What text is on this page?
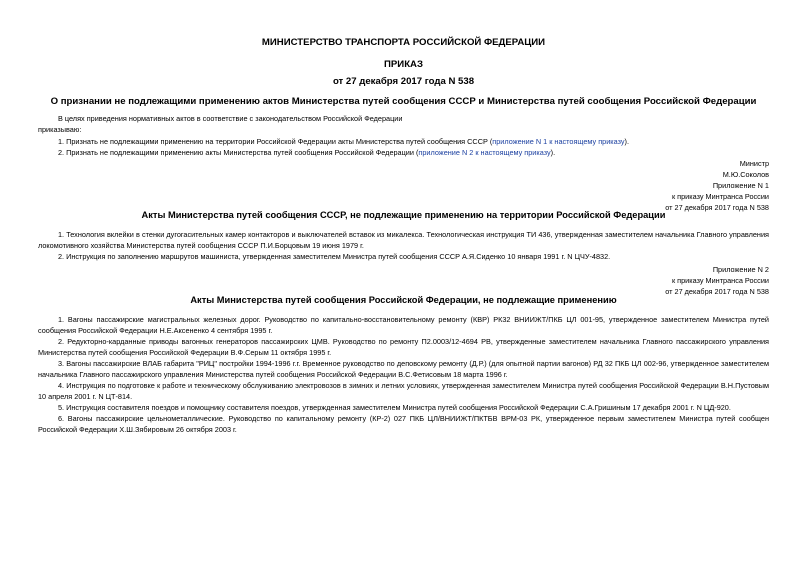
МИНИСТЕРСТВО ТРАНСПОРТА РОССИЙСКОЙ ФЕДЕРАЦИИ
ПРИКАЗ
от 27 декабря 2017 года N 538
О признании не подлежащими применению актов Министерства путей сообщения СССР и Министерства путей сообщения Российской Федерации
В целях приведения нормативных актов в соответствие с законодательством Российской Федерации
приказываю:
1. Признать не подлежащими применению на территории Российской Федерации акты Министерства путей сообщения СССР (приложение N 1 к настоящему приказу).
2. Признать не подлежащими применению акты Министерства путей сообщения Российской Федерации (приложение N 2 к настоящему приказу).
Министр
М.Ю.Соколов
Приложение N 1
к приказу Минтранса России
от 27 декабря 2017 года N 538
Акты Министерства путей сообщения СССР, не подлежащие применению на территории Российской Федерации
1. Технология вклейки в стенки дугогасительных камер контакторов и выключателей вставок из микалекса. Технологическая инструкция ТИ 436, утвержденная заместителем начальника Главного управления локомотивного хозяйства Министерства путей сообщения СССР П.И.Борцовым 19 июня 1979 г.
2. Инструкция по заполнению маршрутов машиниста, утвержденная заместителем Министра путей сообщения СССР А.Я.Сиденко 10 января 1991 г. N ЦЧУ-4832.
Приложение N 2
к приказу Минтранса России
от 27 декабря 2017 года N 538
Акты Министерства путей сообщения Российской Федерации, не подлежащие применению
1. Вагоны пассажирские магистральных железных дорог. Руководство по капитально-восстановительному ремонту (КВР) РК32 ВНИИЖТ/ПКБ ЦЛ 001-95, утвержденное заместителем Министра путей сообщения Российской Федерации Н.Е.Аксененко 4 сентября 1995 г.
2. Редукторно-карданные приводы вагонных генераторов пассажирских ЦМВ. Руководство по ремонту П2.0003/12-4694 РВ, утвержденные заместителем начальника Главного пассажирского управления Министерства путей сообщения Российской Федерации В.Ф.Серым 11 октября 1995 г.
3. Вагоны пассажирские ВЛАБ габарита "РИЦ" постройки 1994-1996 г.г. Временное руководство по деповскому ремонту (Д.Р.) (для опытной партии вагонов) РД 32 ПКБ ЦЛ 002-96, утвержденное заместителем начальника Главного пассажирского управления Министерства путей сообщения Российской Федерации В.С.Фетисовым 18 марта 1996 г.
4. Инструкция по подготовке к работе и техническому обслуживанию электровозов в зимних и летних условиях, утвержденная заместителем Министра путей сообщения Российской Федерации В.Н.Пустовым 10 апреля 2001 г. N ЦТ-814.
5. Инструкция составителя поездов и помощнику составителя поездов, утвержденная заместителем Министра путей сообщения Российской Федерации С.А.Гришиным 17 декабря 2001 г. N ЦД-920.
6. Вагоны пассажирские цельнометаллические. Руководство по капитальному ремонту (КР-2) 027 ПКБ ЦЛ/ВНИИЖТ/ПКТБВ ВРМ-03 РК, утвержденное первым заместителем Министра путей сообщен Российской Федерации Х.Ш.Зябировым 26 октября 2003 г.
